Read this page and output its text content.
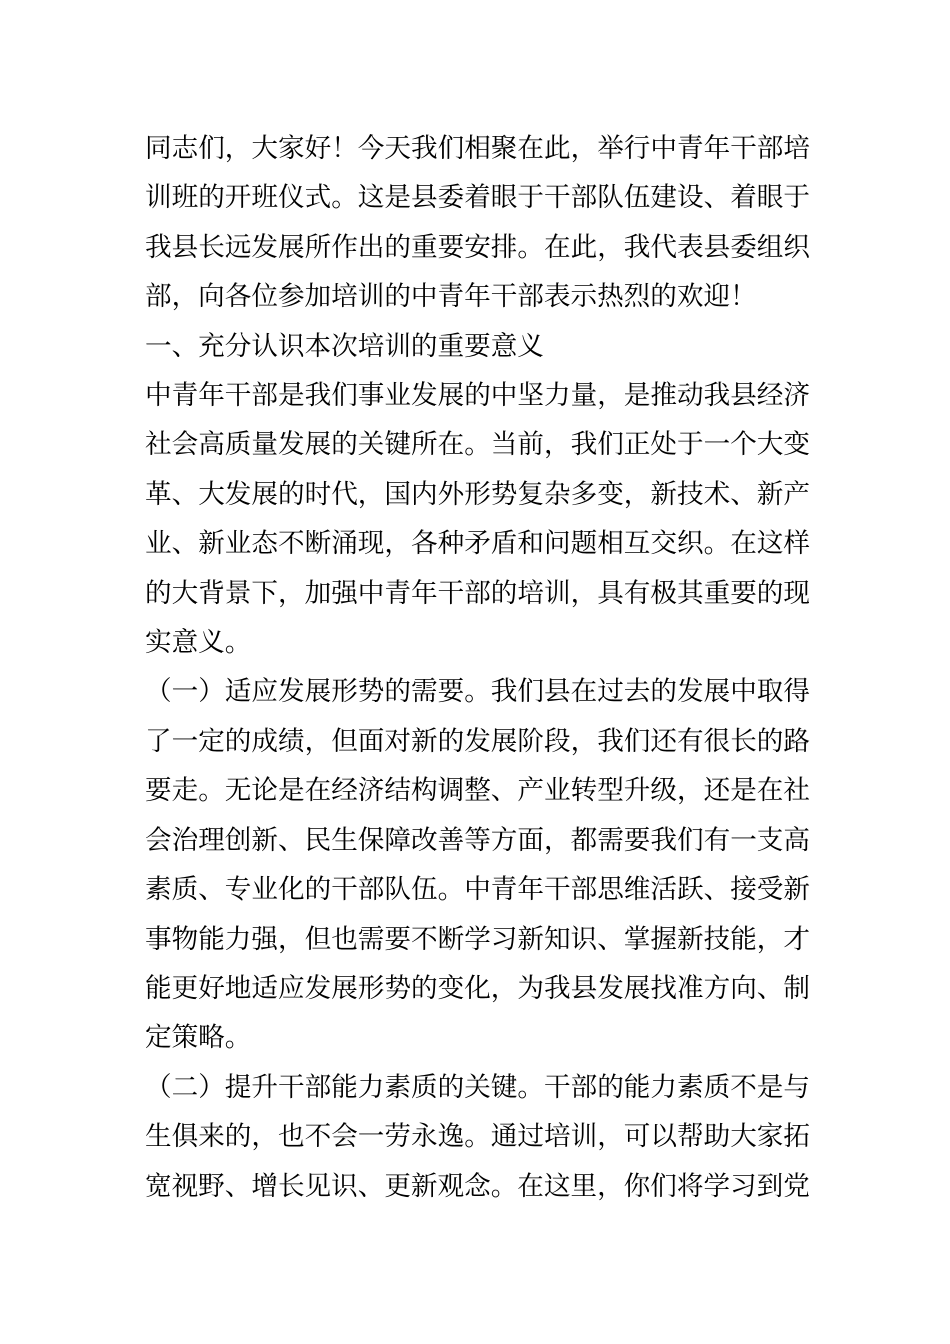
同志们，大家好！今天我们相聚在此，举行中青年干部培训班的开班仪式。这是县委着眼于干部队伍建设、着眼于我县长远发展所作出的重要安排。在此，我代表县委组织部，向各位参加培训的中青年干部表示热烈的欢迎！

一、充分认识本次培训的重要意义

中青年干部是我们事业发展的中坚力量，是推动我县经济社会高质量发展的关键所在。当前，我们正处于一个大变革、大发展的时代，国内外形势复杂多变，新技术、新产业、新业态不断涌现，各种矛盾和问题相互交织。在这样的大背景下，加强中青年干部的培训，具有极其重要的现实意义。

（一）适应发展形势的需要。我们县在过去的发展中取得了一定的成绩，但面对新的发展阶段，我们还有很长的路要走。无论是在经济结构调整、产业转型升级，还是在社会治理创新、民生保障改善等方面，都需要我们有一支高素质、专业化的干部队伍。中青年干部思维活跃、接受新事物能力强，但也需要不断学习新知识、掌握新技能，才能更好地适应发展形势的变化，为我县发展找准方向、制定策略。

（二）提升干部能力素质的关键。干部的能力素质不是与生俱来的，也不会一劳永逸。通过培训，可以帮助大家拓宽视野、增长见识、更新观念。在这里，你们将学习到党
